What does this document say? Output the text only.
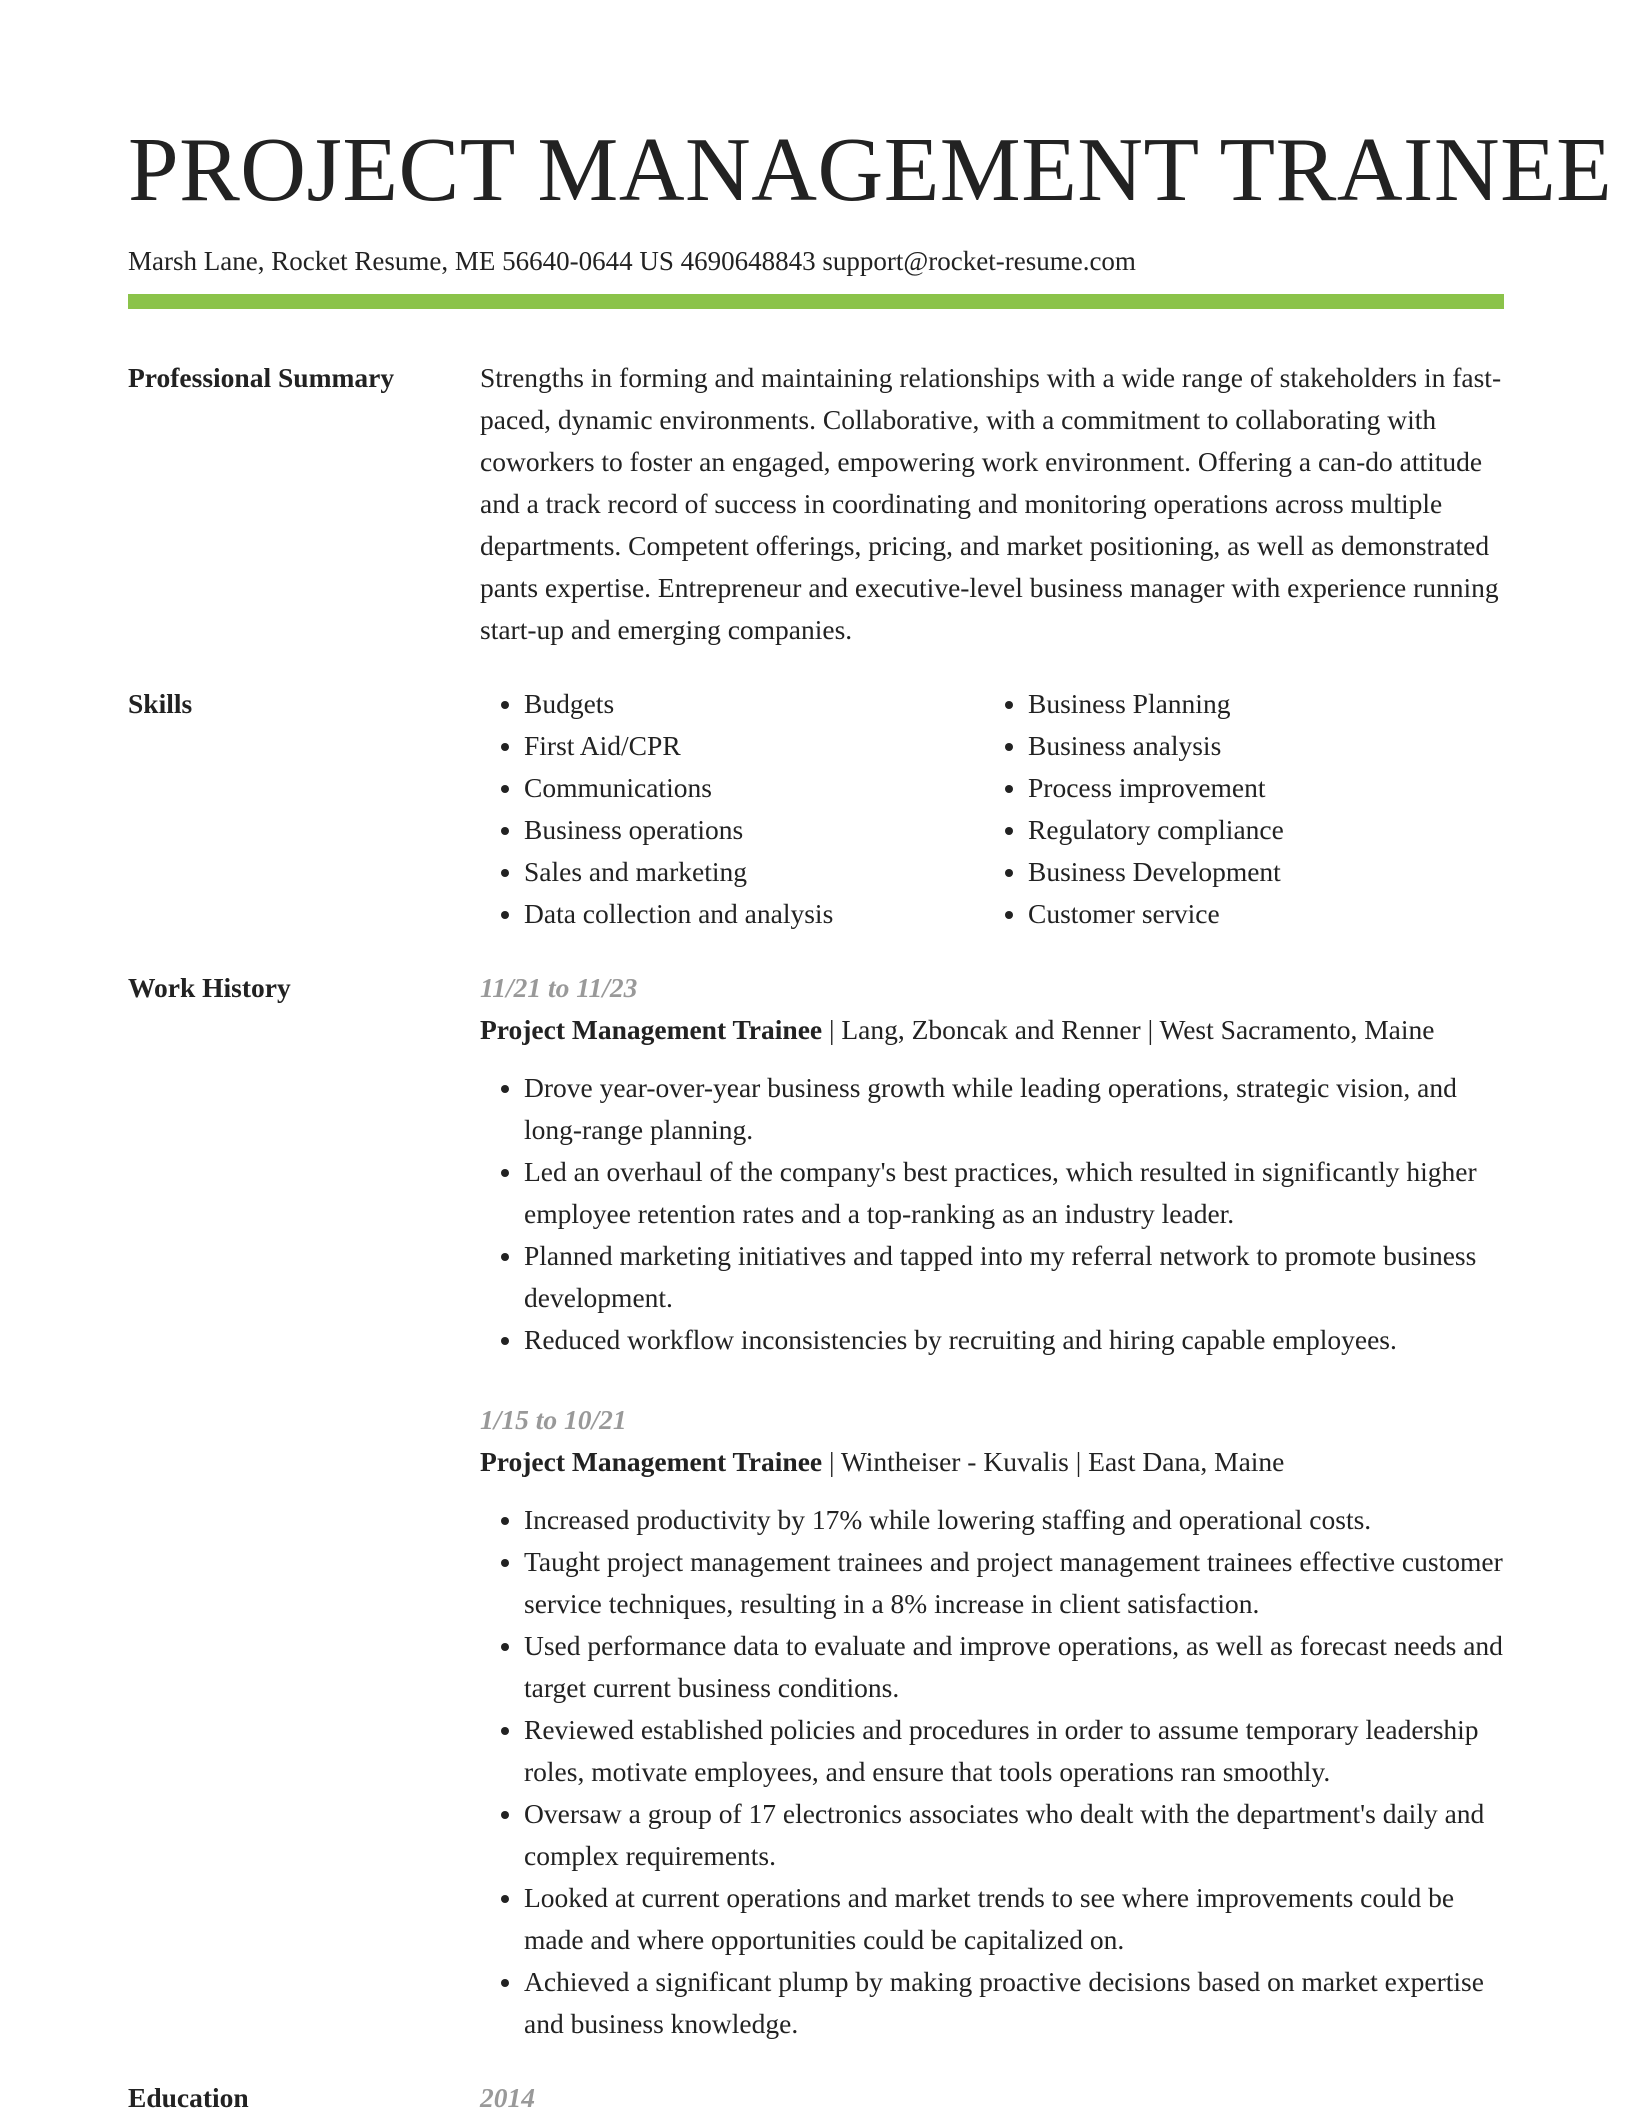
PROJECT MANAGEMENT TRAINEE
Marsh Lane, Rocket Resume, ME 56640-0644 US 4690648843 support@rocket-resume.com
Professional Summary	Strengths in forming and maintaining relationships with a wide range of stakeholders in fast-paced, dynamic environments. Collaborative, with a commitment to collaborating with coworkers to foster an engaged, empowering work environment. Offering a can-do attitude and a track record of success in coordinating and monitoring operations across multiple departments. Competent offerings, pricing, and market positioning, as well as demonstrated pants expertise. Entrepreneur and executive-level business manager with experience running start-up and emerging companies.
Skills
•	Budgets
• First Aid/CPR
• Communications
• Business operations
• Sales and marketing
• Data collection and analysis
• Business Planning
• Business analysis
• Process improvement
• Regulatory compliance
• Business Development
• Customer service
Work History	11/21 to 11/23
Project Management Trainee | Lang, Zboncak and Renner | West Sacramento, Maine
• Drove year-over-year business growth while leading operations, strategic vision, and long-range planning.
• Led an overhaul of the company's best practices, which resulted in significantly higher employee retention rates and a top-ranking as an industry leader.
• Planned marketing initiatives and tapped into my referral network to promote business development.
• Reduced workflow inconsistencies by recruiting and hiring capable employees.
1/15 to 10/21
Project Management Trainee | Wintheiser - Kuvalis | East Dana, Maine
• Increased productivity by 17% while lowering staffing and operational costs.
• Taught project management trainees and project management trainees effective customer service techniques, resulting in a 8% increase in client satisfaction.
• Used performance data to evaluate and improve operations, as well as forecast needs and target current business conditions.
• Reviewed established policies and procedures in order to assume temporary leadership roles, motivate employees, and ensure that tools operations ran smoothly.
• Oversaw a group of 17 electronics associates who dealt with the department's daily and complex requirements.
• Looked at current operations and market trends to see where improvements could be made and where opportunities could be capitalized on.
• Achieved a significant plump by making proactive decisions based on market expertise and business knowledge.
Education	2014
